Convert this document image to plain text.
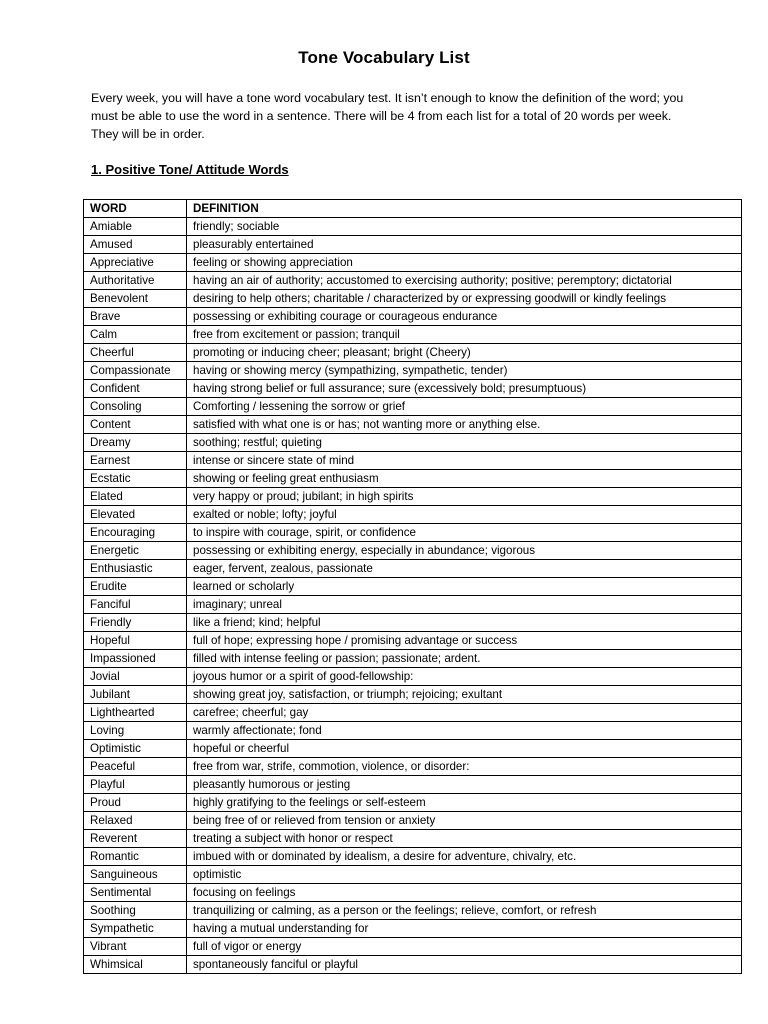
Tone Vocabulary List

Every week, you will have a tone word vocabulary test. It isn’t enough to know the definition of the word; you

must be able to use the word in a sentence. There will be 4 from each list for a total of 20 words per week.

They will be in order.

1. Positive Tone/ Attitude Words
WORD	DEFINITION
Amiable	friendly; sociable
Amused	pleasurably entertained
Appreciative	feeling or showing appreciation
Authoritative	having an air of authority; accustomed to exercising authority; positive; peremptory; dictatorial
Benevolent	desiring to help others; charitable / characterized by or expressing goodwill or kindly feelings
Brave	possessing or exhibiting courage or courageous endurance
Calm	free from excitement or passion; tranquil
Cheerful	promoting or inducing cheer; pleasant; bright (Cheery)
Compassionate	having or showing mercy (sympathizing, sympathetic, tender)
Confident	having strong belief or full assurance; sure (excessively bold; presumptuous)
Consoling	Comforting / lessening the sorrow or grief
Content	satisfied with what one is or has; not wanting more or anything else.
Dreamy	soothing; restful; quieting
Earnest	intense or sincere state of mind
Ecstatic	showing or feeling great enthusiasm
Elated	very happy or proud; jubilant; in high spirits
Elevated	exalted or noble; lofty; joyful
Encouraging	to inspire with courage, spirit, or confidence
Energetic	possessing or exhibiting energy, especially in abundance; vigorous
Enthusiastic	eager, fervent, zealous, passionate
Erudite	learned or scholarly
Fanciful	imaginary; unreal
Friendly	like a friend; kind; helpful
Hopeful	full of hope; expressing hope / promising advantage or success
Impassioned	filled with intense feeling or passion; passionate; ardent.
Jovial	joyous humor or a spirit of good-fellowship:
Jubilant	showing great joy, satisfaction, or triumph; rejoicing; exultant
Lighthearted	carefree; cheerful; gay
Loving	warmly affectionate; fond
Optimistic	hopeful or cheerful
Peaceful	free from war, strife, commotion, violence, or disorder:
Playful	pleasantly humorous or jesting
Proud	highly gratifying to the feelings or self-esteem
Relaxed	being free of or relieved from tension or anxiety
Reverent	treating a subject with honor or respect
Romantic	imbued with or dominated by idealism, a desire for adventure, chivalry, etc.
Sanguineous	optimistic
Sentimental	focusing on feelings
Soothing	tranquilizing or calming, as a person or the feelings; relieve, comfort, or refresh
Sympathetic	having a mutual understanding for
Vibrant	full of vigor or energy
Whimsical	spontaneously fanciful or playful
